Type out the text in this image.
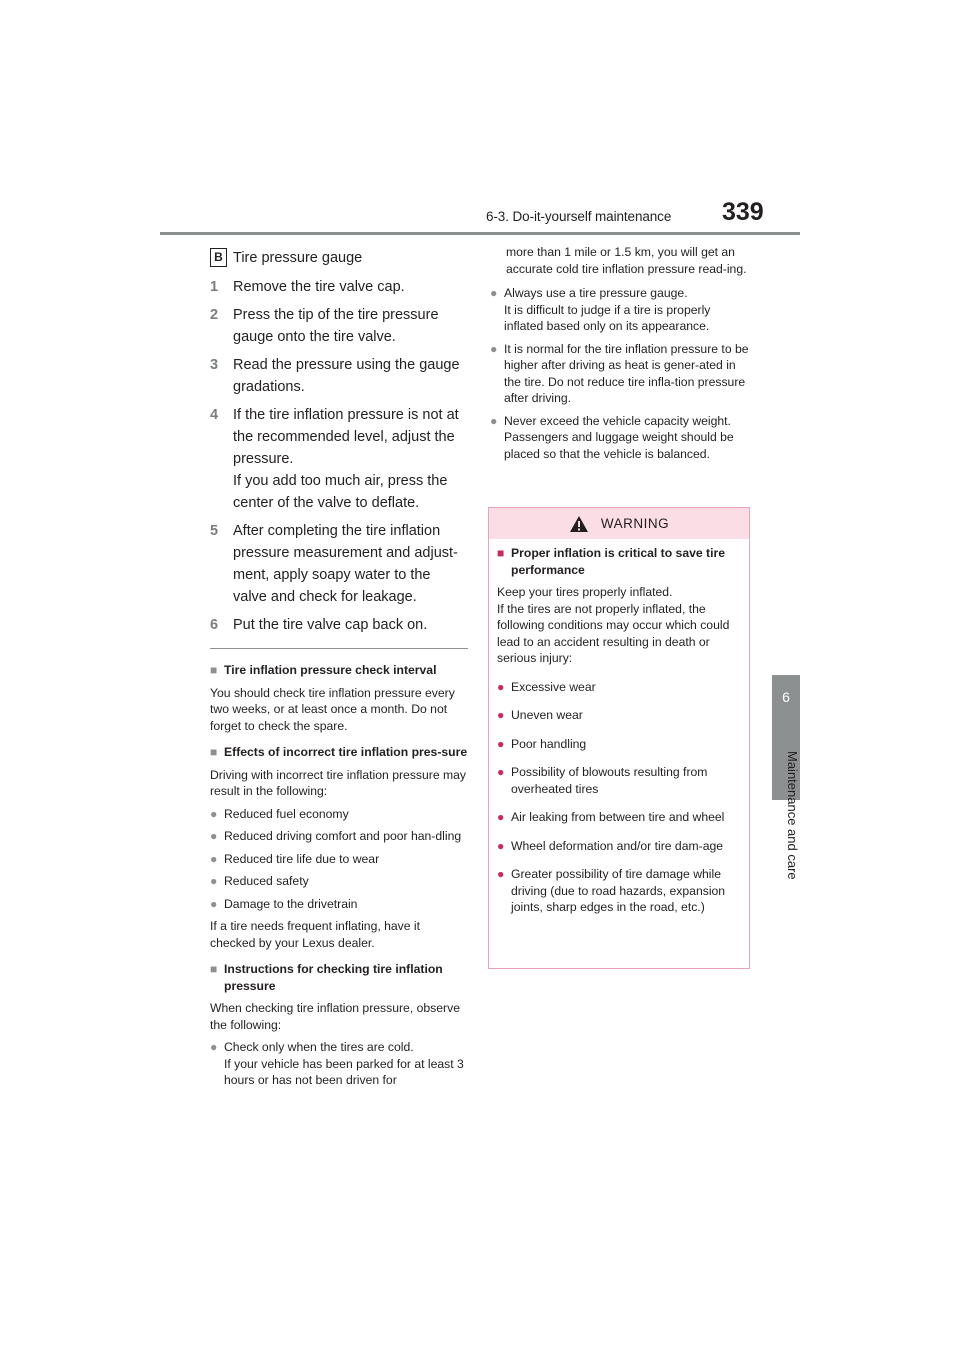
6-3. Do-it-yourself maintenance 339
6
Maintenance and care
B Tire pressure gauge
1	Remove the tire valve cap.
2	Press the tip of the tire pressure gauge onto the tire valve.
3	Read the pressure using the gauge gradations.
4	If the tire inflation pressure is not at the recommended level, adjust the pressure.
If you add too much air, press the center of the valve to deflate.
5	After completing the tire inflation pressure measurement and adjust-ment, apply soapy water to the valve and check for leakage.
6	Put the tire valve cap back on.
■ Tire inflation pressure check interval
You should check tire inflation pressure every two weeks, or at least once a month. Do not forget to check the spare.
■ Effects of incorrect tire inflation pres-sure
Driving with incorrect tire inflation pressure may result in the following:
● Reduced fuel economy
● Reduced driving comfort and poor han-dling
● Reduced tire life due to wear
● Reduced safety
● Damage to the drivetrain
If a tire needs frequent inflating, have it checked by your Lexus dealer.
■ Instructions for checking tire inflation pressure
When checking tire inflation pressure, observe the following:
● Check only when the tires are cold.
If your vehicle has been parked for at least 3 hours or has not been driven for
more than 1 mile or 1.5 km, you will get an accurate cold tire inflation pressure read-ing.
● Always use a tire pressure gauge.
It is difficult to judge if a tire is properly inflated based only on its appearance.
● It is normal for the tire inflation pressure to be higher after driving as heat is gener-ated in the tire. Do not reduce tire infla-tion pressure after driving.
● Never exceed the vehicle capacity weight.
Passengers and luggage weight should be placed so that the vehicle is balanced.
WARNING
■ Proper inflation is critical to save tire performance
Keep your tires properly inflated.
If the tires are not properly inflated, the following conditions may occur which could lead to an accident resulting in death or serious injury:
● Excessive wear
● Uneven wear
● Poor handling
● Possibility of blowouts resulting from overheated tires
● Air leaking from between tire and wheel
● Wheel deformation and/or tire dam-age
● Greater possibility of tire damage while driving (due to road hazards, expansion joints, sharp edges in the road, etc.)
